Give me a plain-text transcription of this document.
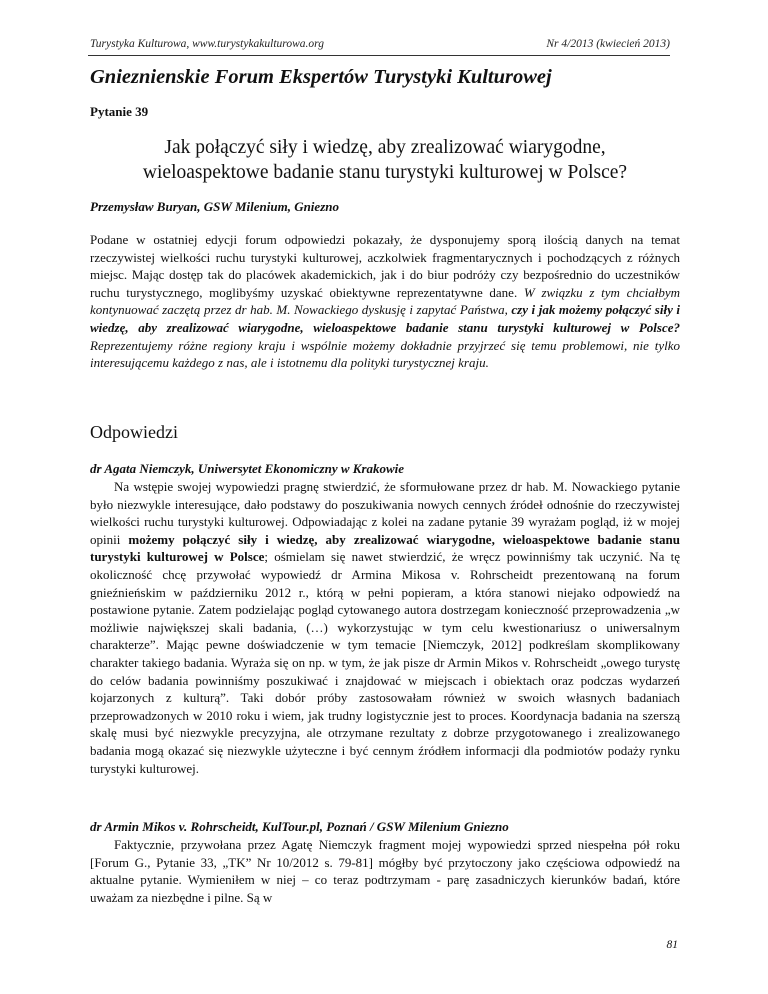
Turystyka Kulturowa, www.turystykakulturowa.org	Nr 4/2013 (kwiecień 2013)
Gnieznienskie Forum Ekspertów Turystyki Kulturowej
Pytanie 39
Jak połączyć siły i wiedzę, aby zrealizować wiarygodne,
wieloaspektowe badanie stanu turystyki kulturowej w Polsce?
Przemysław Buryan, GSW Milenium, Gniezno
Podane w ostatniej edycji forum odpowiedzi pokazały, że dysponujemy sporą ilością danych na temat rzeczywistej wielkości ruchu turystyki kulturowej, aczkolwiek fragmentarycznych i pochodzących z różnych miejsc. Mając dostęp tak do placówek akademickich, jak i do biur podróży czy bezpośrednio do uczestników ruchu turystycznego, moglibyśmy uzyskać obiektywne reprezentatywne dane. W związku z tym chciałbym kontynuować zaczętą przez dr hab. M. Nowackiego dyskusję i zapytać Państwa, czy i jak możemy połączyć siły i wiedzę, aby zrealizować wiarygodne, wieloaspektowe badanie stanu turystyki kulturowej w Polsce? Reprezentujemy różne regiony kraju i wspólnie możemy dokładnie przyjrzeć się temu problemowi, nie tylko interesującemu każdego z nas, ale i istotnemu dla polityki turystycznej kraju.
Odpowiedzi
dr Agata Niemczyk, Uniwersytet Ekonomiczny w Krakowie
Na wstępie swojej wypowiedzi pragnę stwierdzić, że sformułowane przez dr hab. M. Nowackiego pytanie było niezwykle interesujące, dało podstawy do poszukiwania nowych cennych źródeł odnośnie do rzeczywistej wielkości ruchu turystyki kulturowej. Odpowiadając z kolei na zadane pytanie 39 wyrażam pogląd, iż w mojej opinii możemy połączyć siły i wiedzę, aby zrealizować wiarygodne, wieloaspektowe badanie stanu turystyki kulturowej w Polsce; ośmielam się nawet stwierdzić, że wręcz powinniśmy tak uczynić. Na tę okoliczność chcę przywołać wypowiedź dr Armina Mikosa v. Rohrscheidt prezentowaną na forum gnieźnieńskim w październiku 2012 r., którą w pełni popieram, a która stanowi niejako odpowiedź na postawione pytanie. Zatem podzielając pogląd cytowanego autora dostrzegam konieczność przeprowadzenia „w możliwie największej skali badania, (…) wykorzystując w tym celu kwestionariusz o uniwersalnym charakterze”. Mając pewne doświadczenie w tym temacie [Niemczyk, 2012] podkreślam skomplikowany charakter takiego badania. Wyraża się on np. w tym, że jak pisze dr Armin Mikos v. Rohrscheidt „owego turystę do celów badania powinniśmy poszukiwać i znajdować w miejscach i obiektach oraz podczas wydarzeń kojarzonych z kulturą”. Taki dobór próby zastosowałam również w swoich własnych badaniach przeprowadzonych w 2010 roku i wiem, jak trudny logistycznie jest to proces. Koordynacja badania na szerszą skalę musi być niezwykle precyzyjna, ale otrzymane rezultaty z dobrze przygotowanego i zrealizowanego badania mogą okazać się niezwykle użyteczne i być cennym źródłem informacji dla podmiotów podaży rynku turystyki kulturowej.
dr Armin Mikos v. Rohrscheidt, KulTour.pl, Poznań / GSW Milenium Gniezno
Faktycznie, przywołana przez Agatę Niemczyk fragment mojej wypowiedzi sprzed niespełna pół roku [Forum G., Pytanie 33, „TK” Nr 10/2012 s. 79-81] mógłby być przytoczony jako częściowa odpowiedź na aktualne pytanie. Wymieniłem w niej – co teraz podtrzymam - parę zasadniczych kierunków badań, które uważam za niezbędne i pilne. Są w
81
